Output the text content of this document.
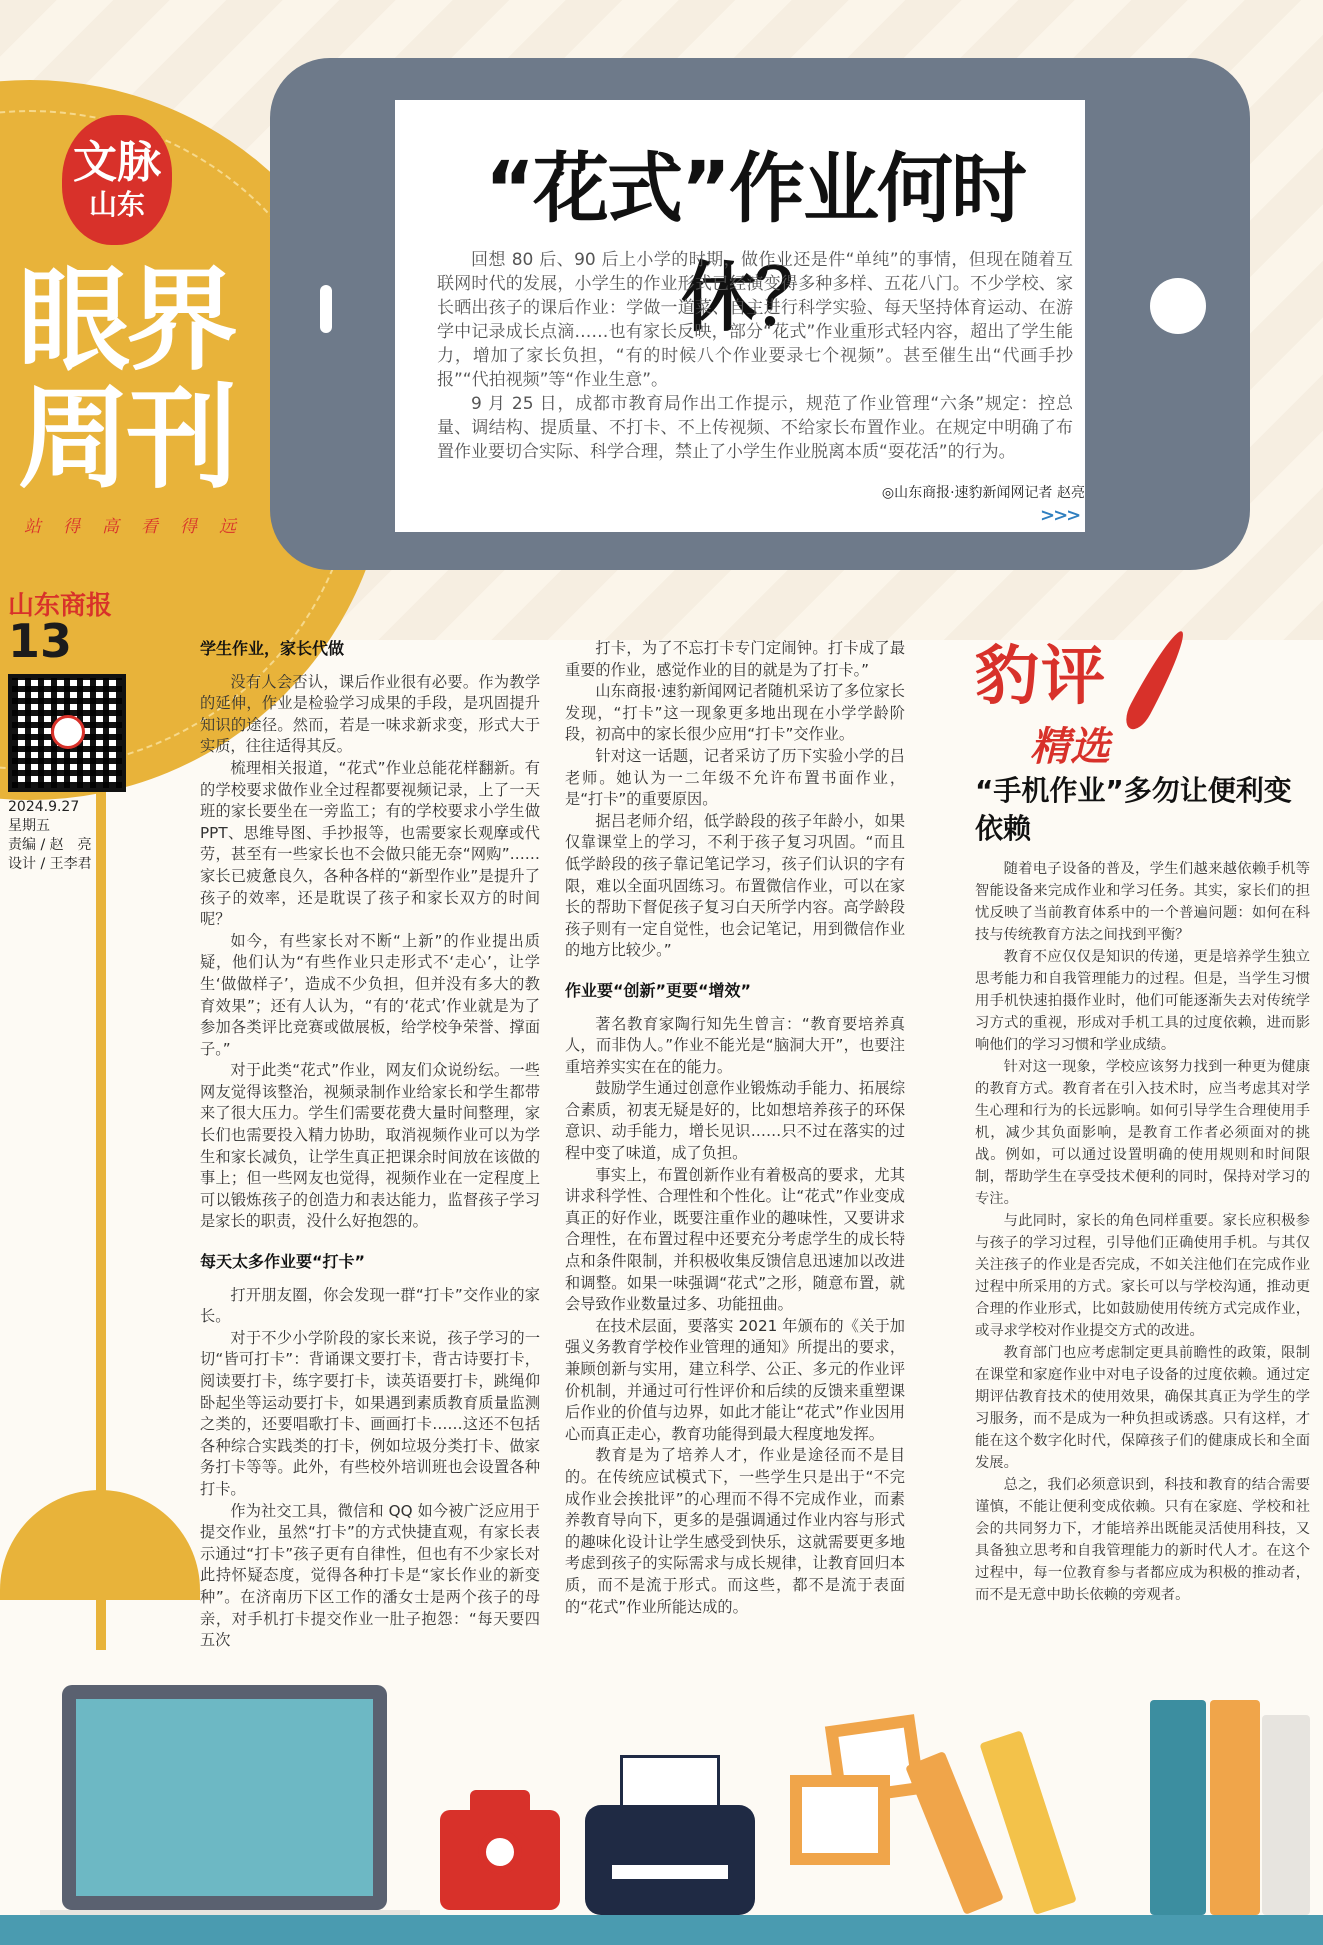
文脉
山东
眼界
周刊
站得高看得远
山东商报
13
2024.9.27
星期五
责编 / 赵　亮
设计 / 王李君
“花式”作业何时休？

回想 80 后、90 后上小学的时期，做作业还是件“单纯”的事情，但现在随着互联网时代的发展，小学生的作业形式已经演变得多种多样、五花八门。不少学校、家长晒出孩子的课后作业：学做一道菜、自主进行科学实验、每天坚持体育运动、在游学中记录成长点滴……也有家长反映，部分“花式”作业重形式轻内容，超出了学生能力，增加了家长负担，“有的时候八个作业要录七个视频”。甚至催生出“代画手抄报”“代拍视频”等“作业生意”。

9 月 25 日，成都市教育局作出工作提示，规范了作业管理“六条”规定：控总量、调结构、提质量、不打卡、不上传视频、不给家长布置作业。在规定中明确了布置作业要切合实际、科学合理，禁止了小学生作业脱离本质“耍花活”的行为。

◎山东商报·速豹新闻网记者 赵亮
>>>
学生作业，家长代做

没有人会否认，课后作业很有必要。作为教学的延伸，作业是检验学习成果的手段，是巩固提升知识的途径。然而，若是一味求新求变，形式大于实质，往往适得其反。

梳理相关报道，“花式”作业总能花样翻新。有的学校要求做作业全过程都要视频记录，上了一天班的家长要坐在一旁监工；有的学校要求小学生做 PPT、思维导图、手抄报等，也需要家长观摩或代劳，甚至有一些家长也不会做只能无奈“网购”……家长已疲惫良久，各种各样的“新型作业”是提升了孩子的效率，还是耽误了孩子和家长双方的时间呢？

如今，有些家长对不断“上新”的作业提出质疑，他们认为“有些作业只走形式不‘走心’，让学生‘做做样子’，造成不少负担，但并没有多大的教育效果”；还有人认为，“有的‘花式’作业就是为了参加各类评比竞赛或做展板，给学校争荣誉、撑面子。”

对于此类“花式”作业，网友们众说纷纭。一些网友觉得该整治，视频录制作业给家长和学生都带来了很大压力。学生们需要花费大量时间整理，家长们也需要投入精力协助，取消视频作业可以为学生和家长减负，让学生真正把课余时间放在该做的事上；但一些网友也觉得，视频作业在一定程度上可以锻炼孩子的创造力和表达能力，监督孩子学习是家长的职责，没什么好抱怨的。

每天太多作业要“打卡”

打开朋友圈，你会发现一群“打卡”交作业的家长。

对于不少小学阶段的家长来说，孩子学习的一切“皆可打卡”：背诵课文要打卡，背古诗要打卡，阅读要打卡，练字要打卡，读英语要打卡，跳绳仰卧起坐等运动要打卡，如果遇到素质教育质量监测之类的，还要唱歌打卡、画画打卡……这还不包括各种综合实践类的打卡，例如垃圾分类打卡、做家务打卡等等。此外，有些校外培训班也会设置各种打卡。

作为社交工具，微信和 QQ 如今被广泛应用于提交作业，虽然“打卡”的方式快捷直观，有家长表示通过“打卡”孩子更有自律性，但也有不少家长对此持怀疑态度，觉得各种打卡是“家长作业的新变种”。在济南历下区工作的潘女士是两个孩子的母亲，对手机打卡提交作业一肚子抱怨：“每天要四五次

打卡，为了不忘打卡专门定闹钟。打卡成了最重要的作业，感觉作业的目的就是为了打卡。”

山东商报·速豹新闻网记者随机采访了多位家长发现，“打卡”这一现象更多地出现在小学学龄阶段，初高中的家长很少应用“打卡”交作业。

针对这一话题，记者采访了历下实验小学的吕老师。她认为一二年级不允许布置书面作业，是“打卡”的重要原因。

据吕老师介绍，低学龄段的孩子年龄小，如果仅靠课堂上的学习，不利于孩子复习巩固。“而且低学龄段的孩子靠记笔记学习，孩子们认识的字有限，难以全面巩固练习。布置微信作业，可以在家长的帮助下督促孩子复习白天所学内容。高学龄段孩子则有一定自觉性，也会记笔记，用到微信作业的地方比较少。”

作业要“创新”更要“增效”

著名教育家陶行知先生曾言：“教育要培养真人，而非伪人。”作业不能光是“脑洞大开”，也要注重培养实实在在的能力。

鼓励学生通过创意作业锻炼动手能力、拓展综合素质，初衷无疑是好的，比如想培养孩子的环保意识、动手能力，增长见识……只不过在落实的过程中变了味道，成了负担。

事实上，布置创新作业有着极高的要求，尤其讲求科学性、合理性和个性化。让“花式”作业变成真正的好作业，既要注重作业的趣味性，又要讲求合理性，在布置过程中还要充分考虑学生的成长特点和条件限制，并积极收集反馈信息迅速加以改进和调整。如果一味强调“花式”之形，随意布置，就会导致作业数量过多、功能扭曲。

在技术层面，要落实 2021 年颁布的《关于加强义务教育学校作业管理的通知》所提出的要求，兼顾创新与实用，建立科学、公正、多元的作业评价机制，并通过可行性评价和后续的反馈来重塑课后作业的价值与边界，如此才能让“花式”作业因用心而真正走心，教育功能得到最大程度地发挥。

教育是为了培养人才，作业是途径而不是目的。在传统应试模式下，一些学生只是出于“不完成作业会挨批评”的心理而不得不完成作业，而素养教育导向下，更多的是强调通过作业内容与形式的趣味化设计让学生感受到快乐，这就需要更多地考虑到孩子的实际需求与成长规律，让教育回归本质，而不是流于形式。而这些，都不是流于表面的“花式”作业所能达成的。

豹评
精选
“手机作业”多勿让便利变依赖

随着电子设备的普及，学生们越来越依赖手机等智能设备来完成作业和学习任务。其实，家长们的担忧反映了当前教育体系中的一个普遍问题：如何在科技与传统教育方法之间找到平衡？

教育不应仅仅是知识的传递，更是培养学生独立思考能力和自我管理能力的过程。但是，当学生习惯用手机快速拍摄作业时，他们可能逐渐失去对传统学习方式的重视，形成对手机工具的过度依赖，进而影响他们的学习习惯和学业成绩。

针对这一现象，学校应该努力找到一种更为健康的教育方式。教育者在引入技术时，应当考虑其对学生心理和行为的长远影响。如何引导学生合理使用手机，减少其负面影响，是教育工作者必须面对的挑战。例如，可以通过设置明确的使用规则和时间限制，帮助学生在享受技术便利的同时，保持对学习的专注。

与此同时，家长的角色同样重要。家长应积极参与孩子的学习过程，引导他们正确使用手机。与其仅关注孩子的作业是否完成，不如关注他们在完成作业过程中所采用的方式。家长可以与学校沟通，推动更合理的作业形式，比如鼓励使用传统方式完成作业，或寻求学校对作业提交方式的改进。

教育部门也应考虑制定更具前瞻性的政策，限制在课堂和家庭作业中对电子设备的过度依赖。通过定期评估教育技术的使用效果，确保其真正为学生的学习服务，而不是成为一种负担或诱惑。只有这样，才能在这个数字化时代，保障孩子们的健康成长和全面发展。

总之，我们必须意识到，科技和教育的结合需要谨慎，不能让便利变成依赖。只有在家庭、学校和社会的共同努力下，才能培养出既能灵活使用科技，又具备独立思考和自我管理能力的新时代人才。在这个过程中，每一位教育参与者都应成为积极的推动者，而不是无意中助长依赖的旁观者。
